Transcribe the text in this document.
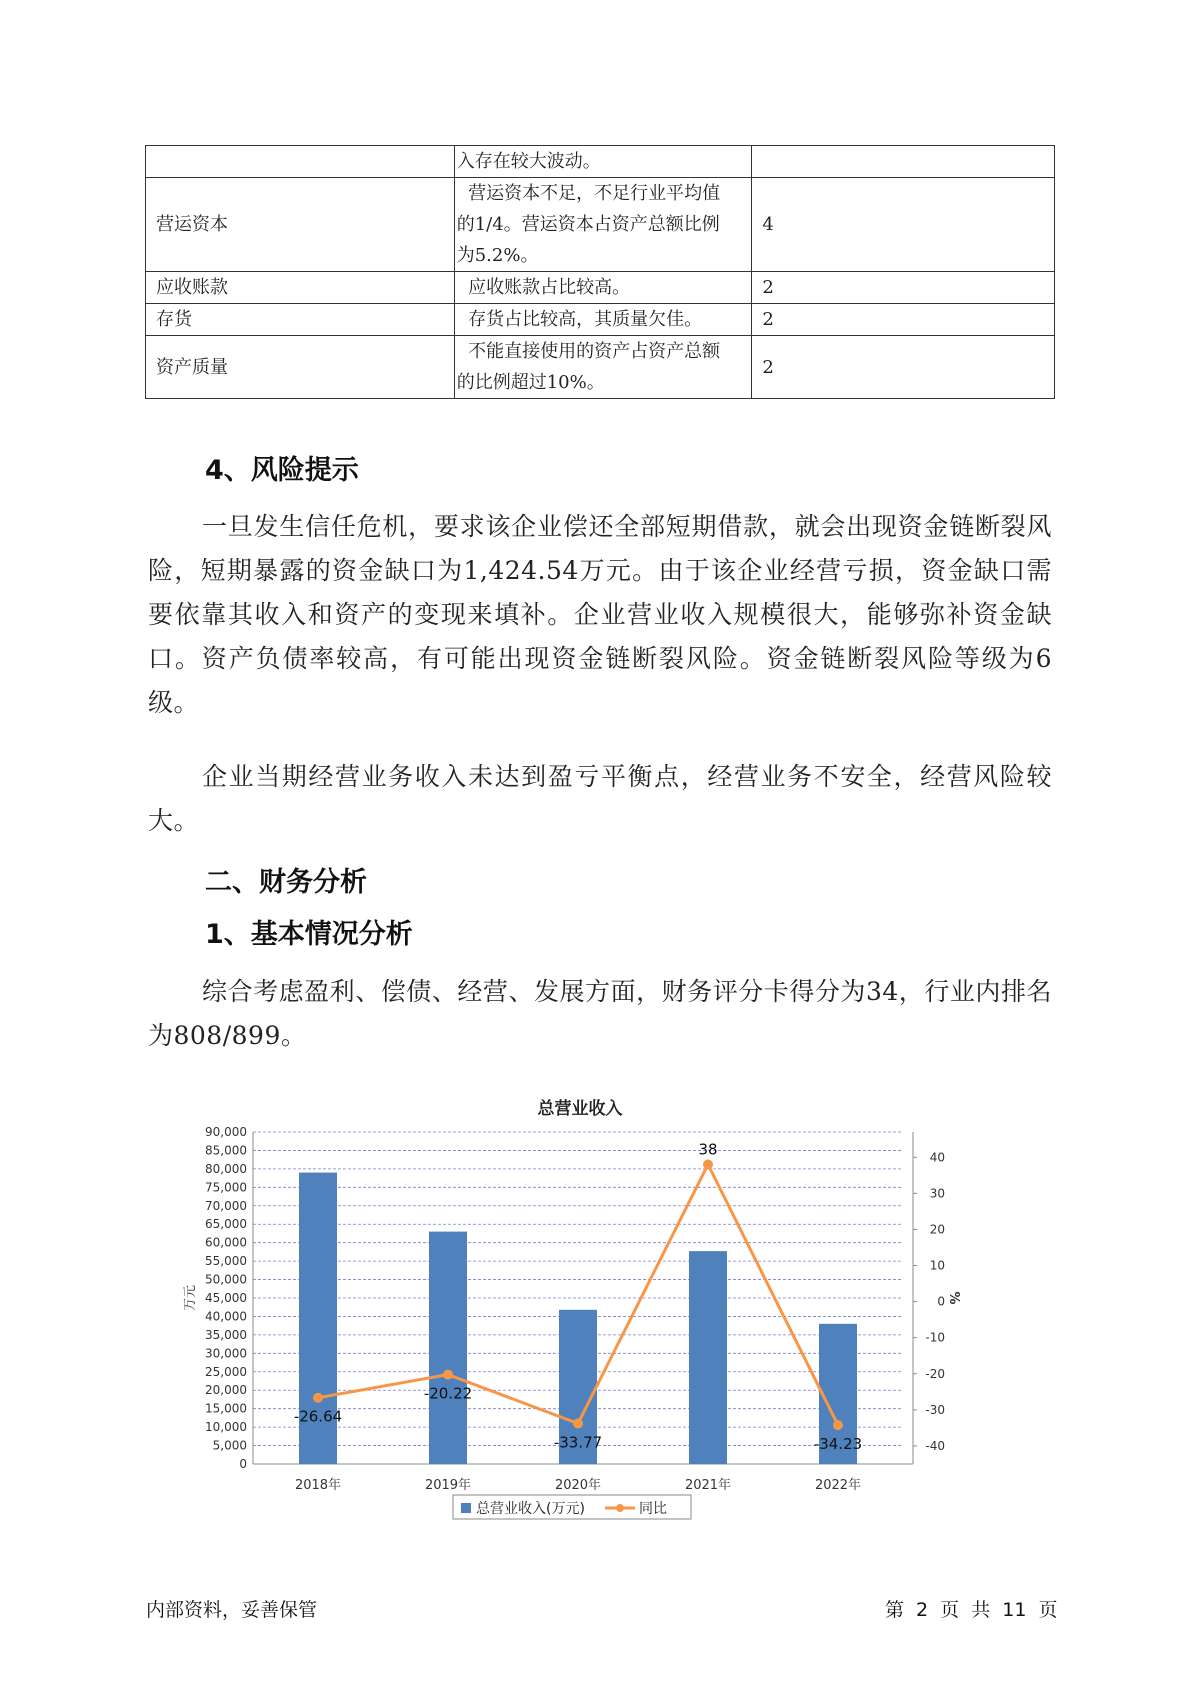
	入存在较大波动。	

营运资本	营运资本不足，不足行业平均值
的1/4。营运资本占资产总额比例
为5.2%。	4
应收账款	应收账款占比较高。	2
存货	存货占比较高，其质量欠佳。	2
资产质量	不能直接使用的资产占资产总额
的比例超过10%。	2
4、风险提示
一旦发生信任危机，要求该企业偿还全部短期借款，就会出现资金链断裂风险，短期暴露的资金缺口为1,424.54万元。由于该企业经营亏损，资金缺口需要依靠其收入和资产的变现来填补。企业营业收入规模很大，能够弥补资金缺口。资产负债率较高，有可能出现资金链断裂风险。资金链断裂风险等级为6级。
企业当期经营业务收入未达到盈亏平衡点，经营业务不安全，经营风险较大。
二、财务分析
1、基本情况分析
综合考虑盈利、偿债、经营、发展方面，财务评分卡得分为34，行业内排名为808/899。
总营业收入
0
5,000
10,000
15,000
20,000
25,000
30,000
35,000
40,000
45,000
50,000
55,000
60,000
65,000
70,000
75,000
80,000
85,000
90,000
-40
-30
-20
-10
0
10
20
30
40
万元	%
2018年	2019年	2020年	2021年	2022年
-26.64
-20.22
-33.77
38
-34.23
总营业收入(万元)	同比
内部资料，妥善保管	第 2 页 共 11 页
